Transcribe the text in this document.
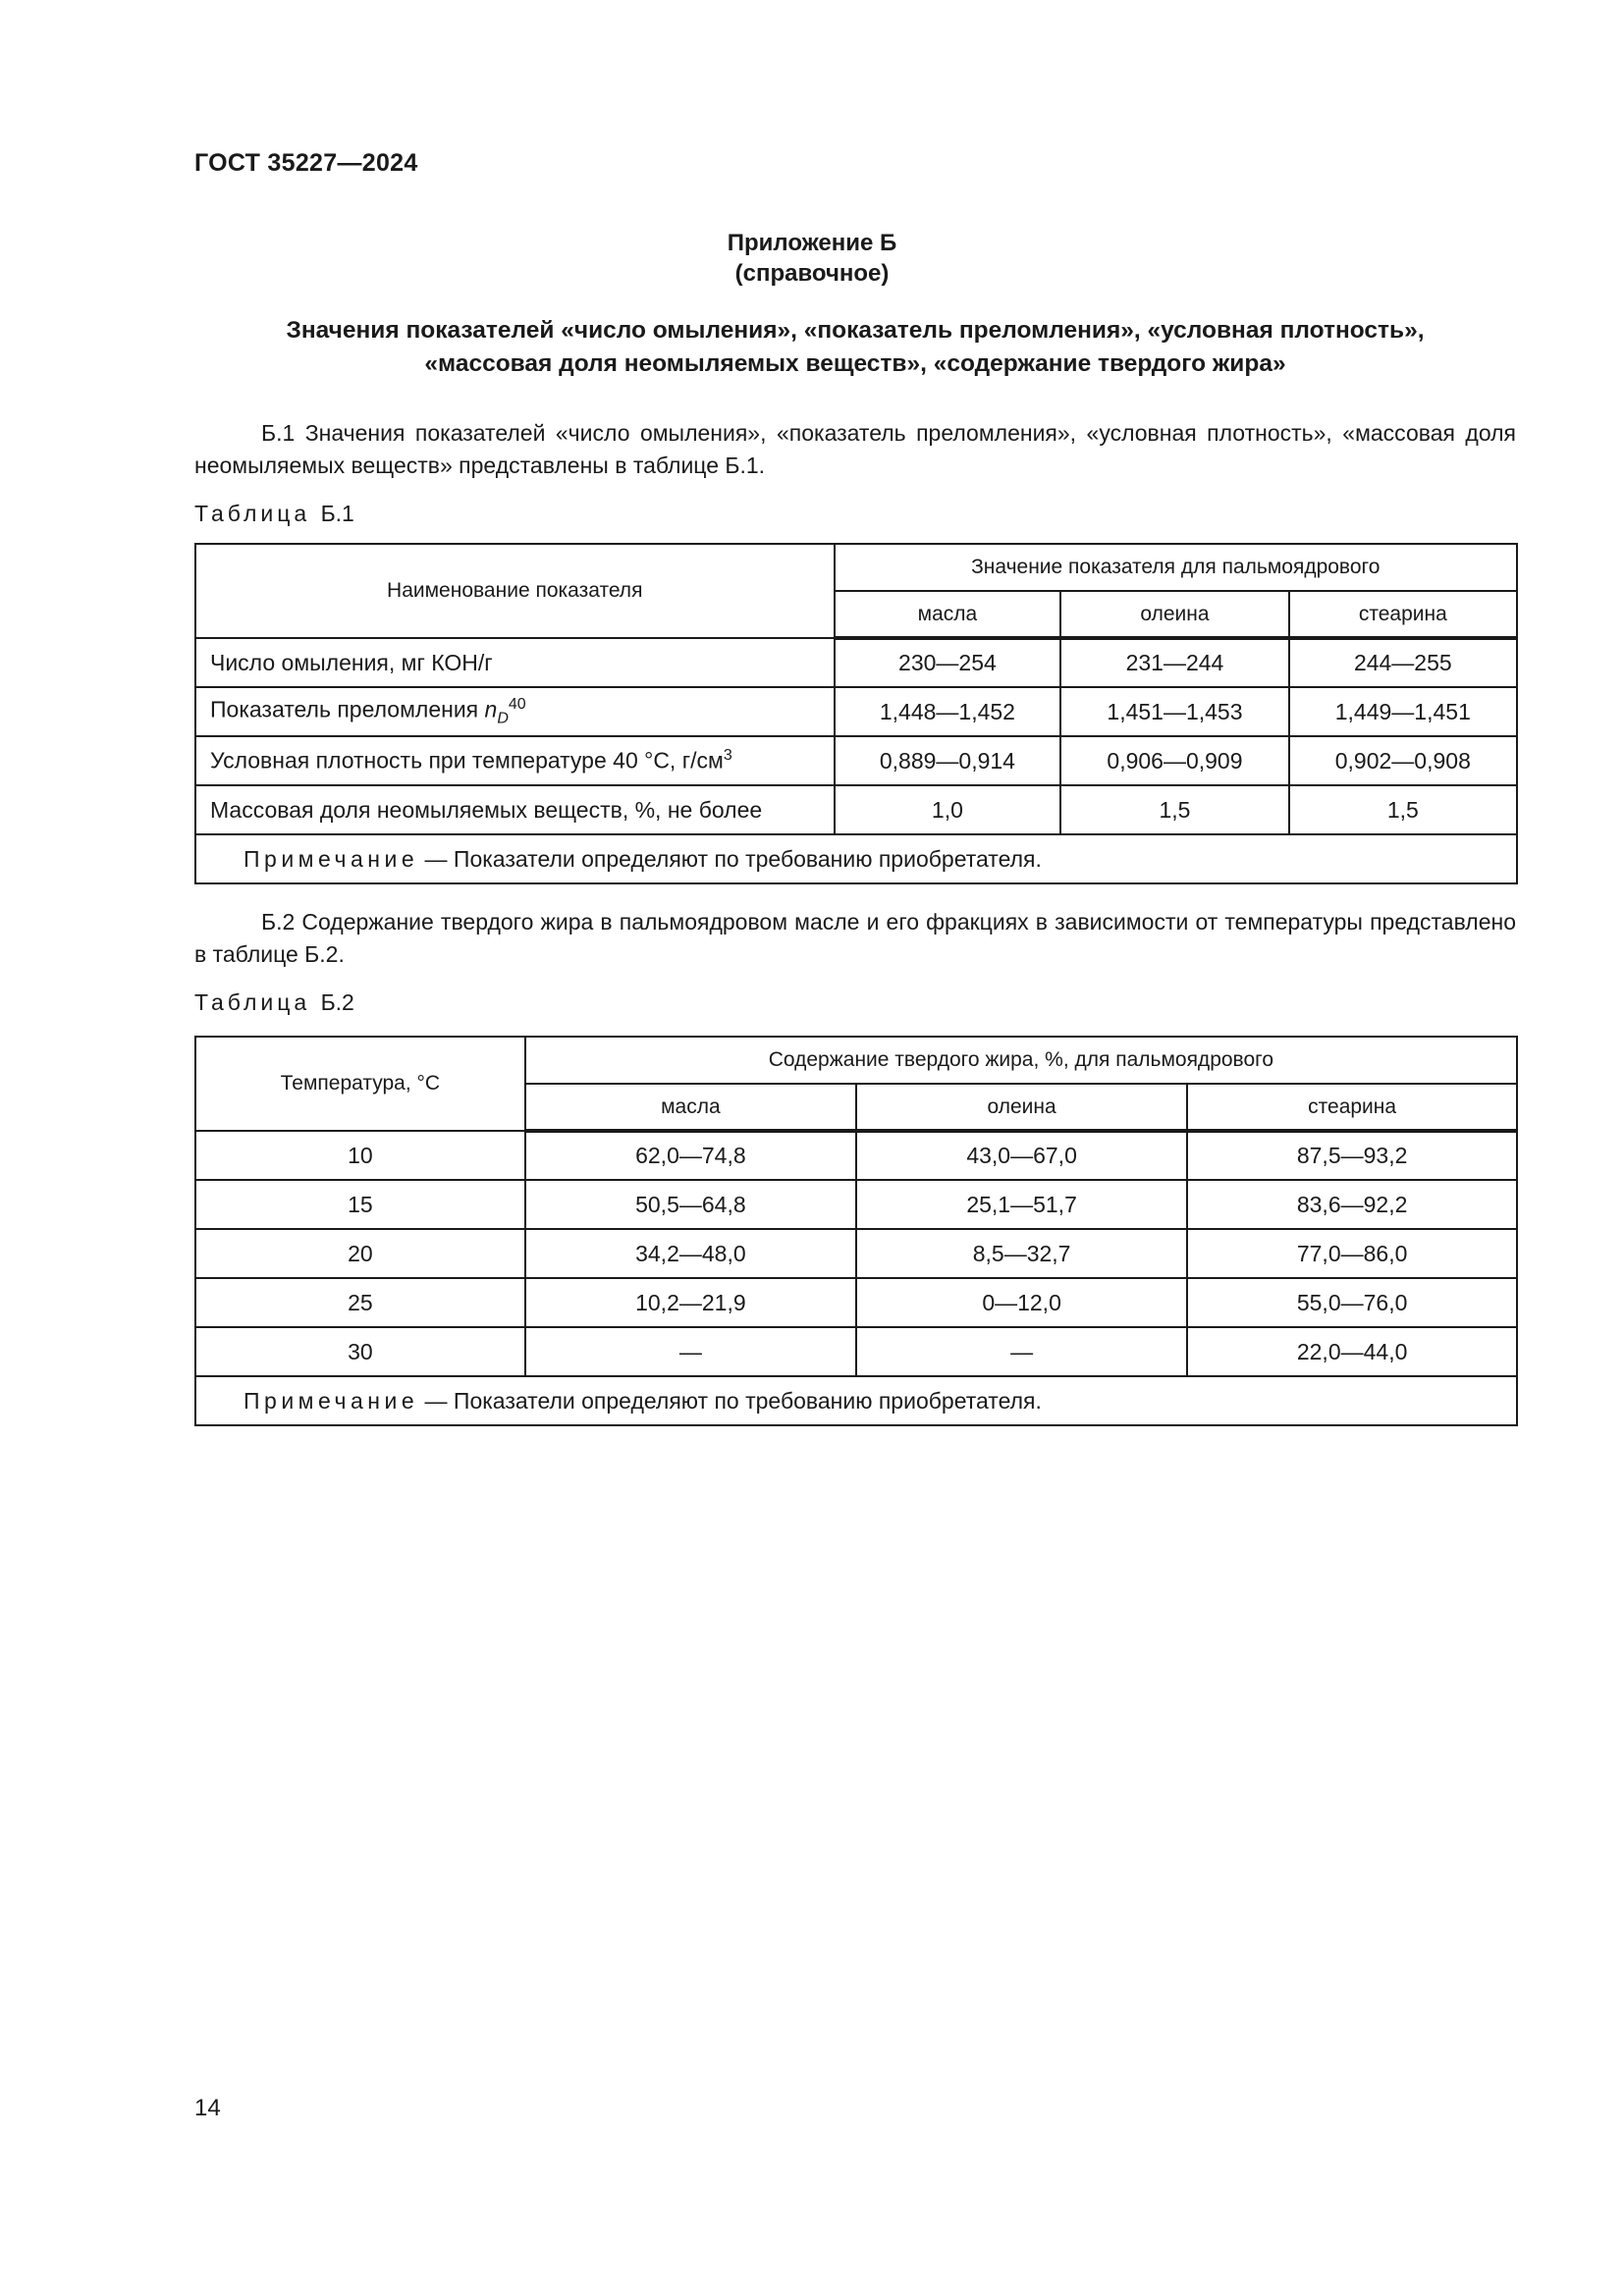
ГОСТ 35227—2024
Приложение Б
(справочное)
Значения показателей «число омыления», «показатель преломления», «условная плотность»,
«массовая доля неомыляемых веществ», «содержание твердого жира»

Б.1 Значения показателей «число омыления», «показатель преломления», «условная плотность», «массовая доля неомыляемых веществ» представлены в таблице Б.1.

Таблица Б.1
Наименование показателя	Значение показателя для пальмоядрового		
	масла	олеина	стеарина
Число омыления, мг КОН/г	230—254	231—244	244—255
Показатель преломления $n_D^{40}$	1,448—1,452	1,451—1,453	1,449—1,451
Условная плотность при температуре 40 °С, $г/см^3$	0,889—0,914	0,906—0,909	0,902—0,908
Массовая доля неомыляемых веществ, %, не более	1,0	1,5	1,5
Примечание — Показатели определяют по требованию приобретателя.			

Б.2 Содержание твердого жира в пальмоядровом масле и его фракциях в зависимости от температуры представлено в таблице Б.2.

Таблица Б.2
Температура, °С	Содержание твердого жира, %, для пальмоядрового		
	масла	олеина	стеарина
10	62,0—74,8	43,0—67,0	87,5—93,2
15	50,5—64,8	25,1—51,7	83,6—92,2
20	34,2—48,0	8,5—32,7	77,0—86,0
25	10,2—21,9	0—12,0	55,0—76,0
30	—	—	22,0—44,0
Примечание — Показатели определяют по требованию приобретателя.			
14
